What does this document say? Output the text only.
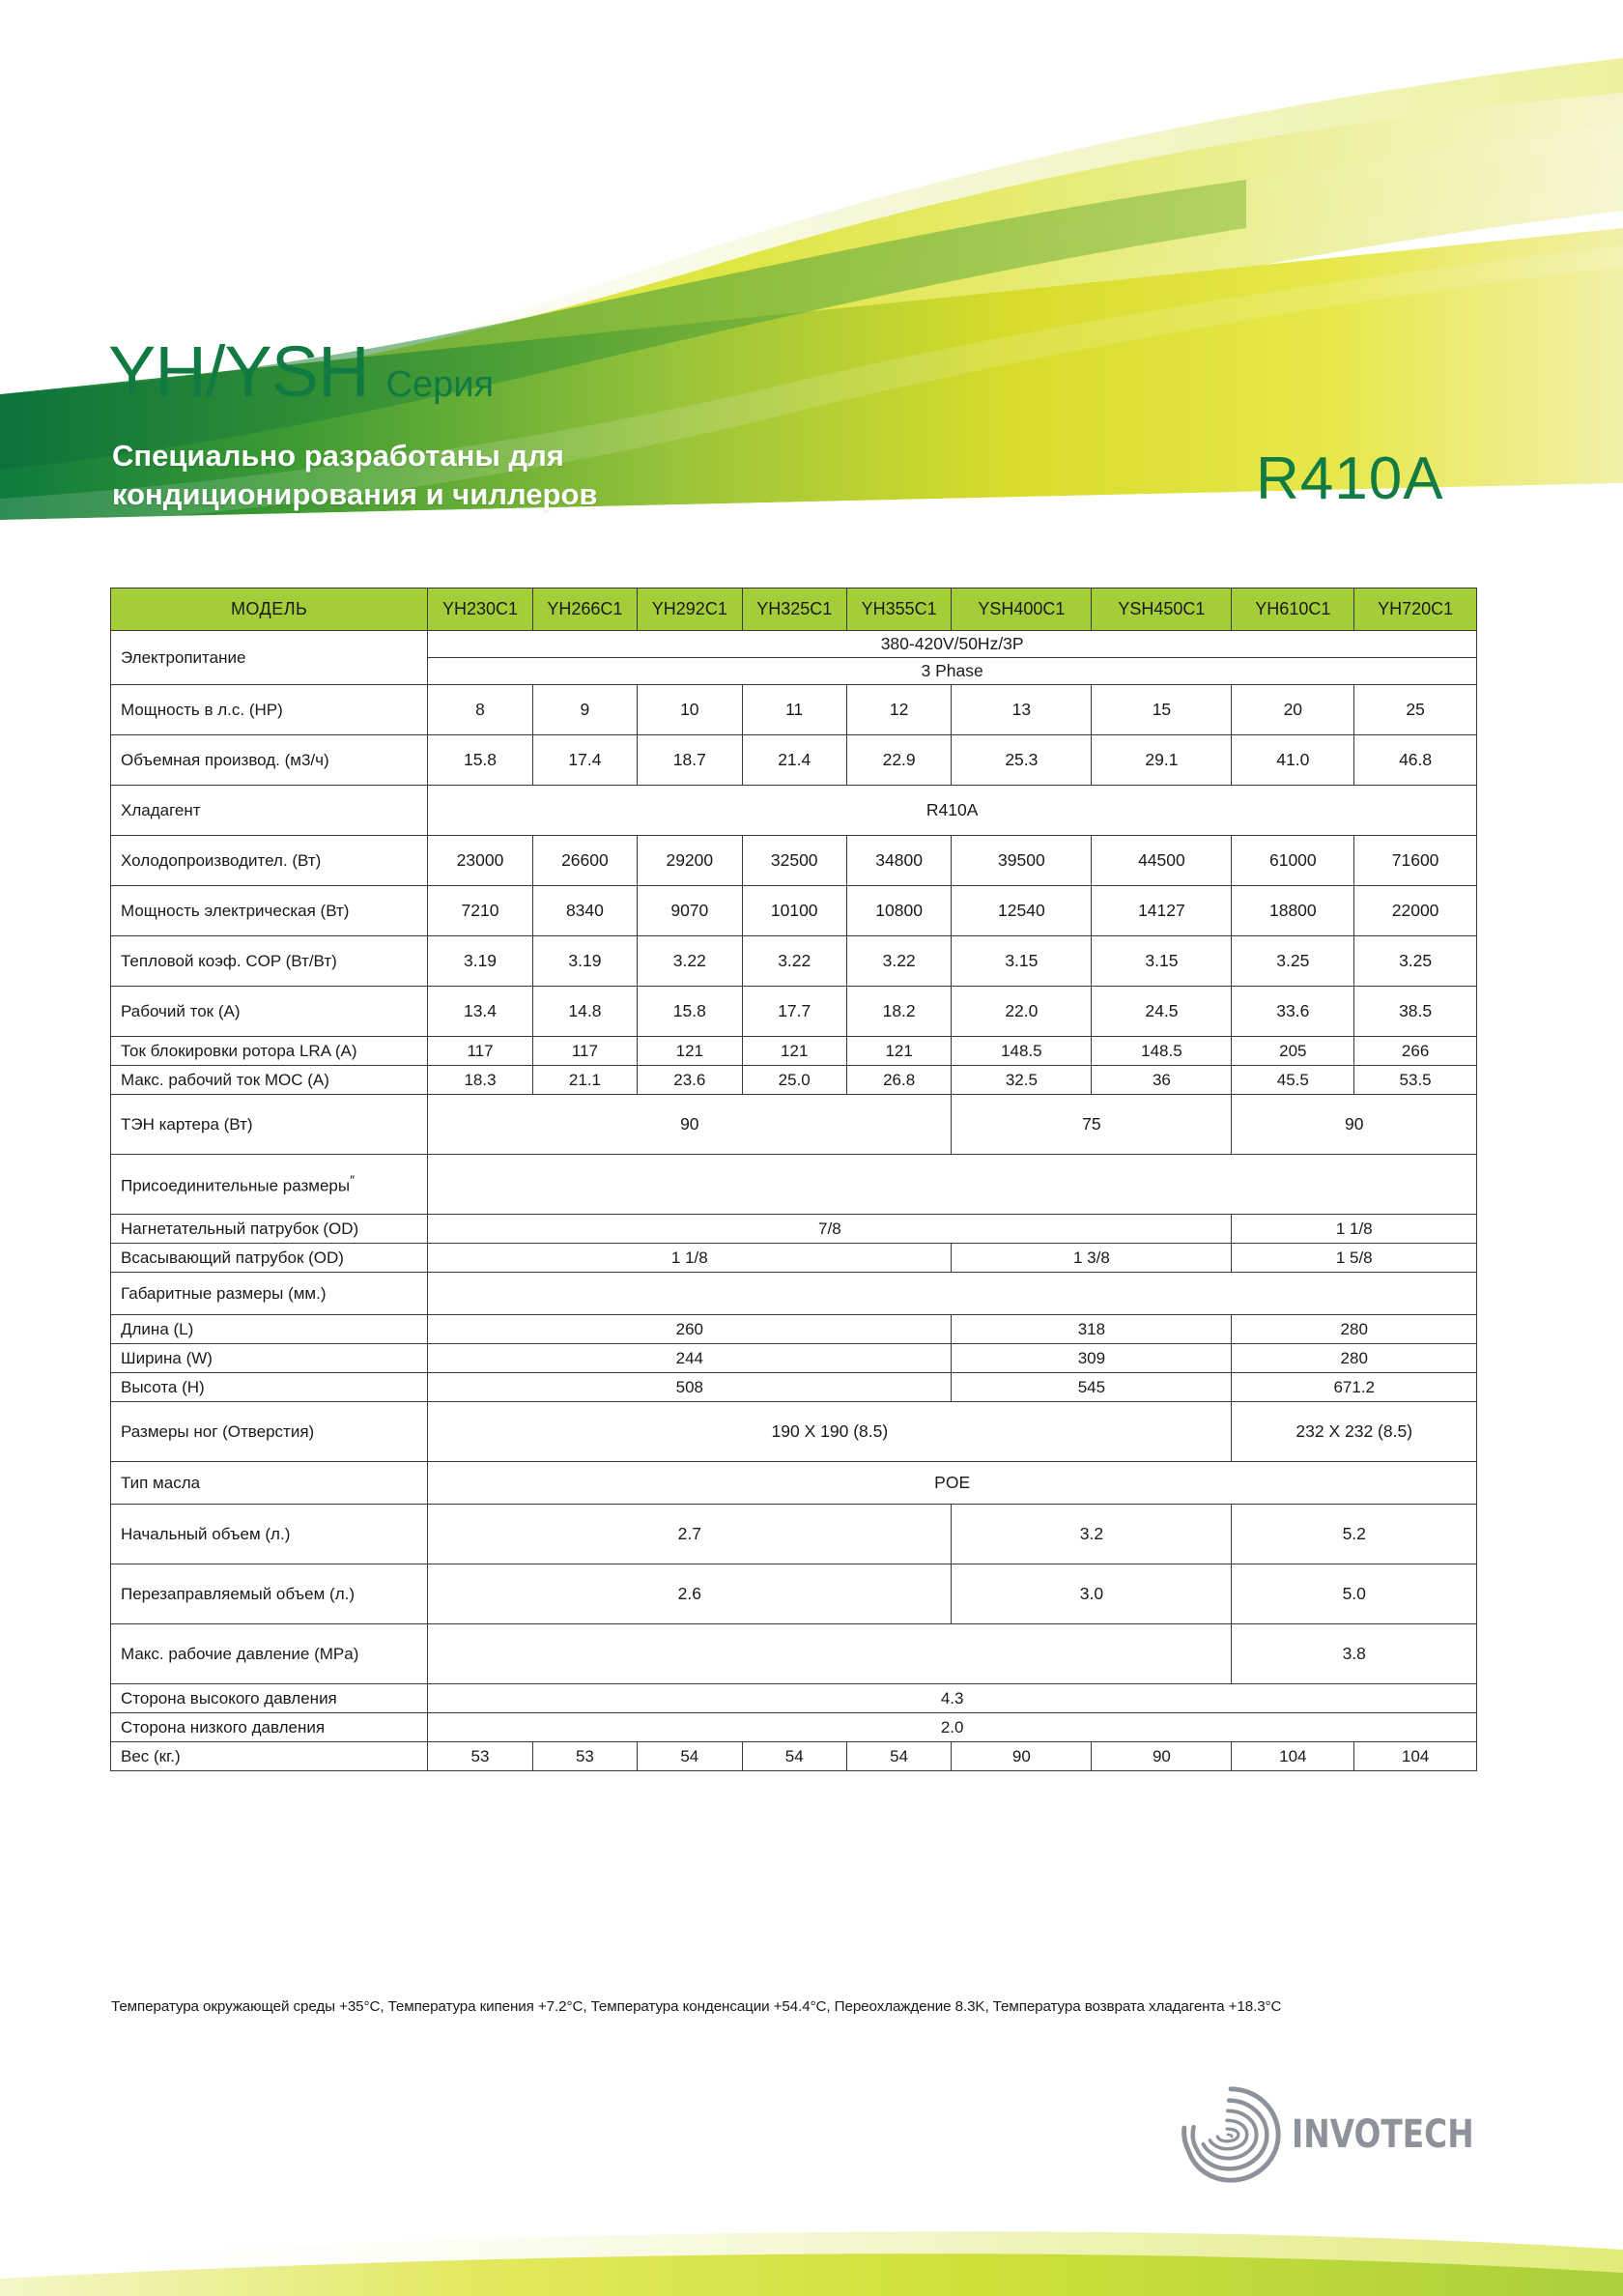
YH/YSH Серия
Специально разработаны для
кондиционирования и чиллеров	R410A
МОДЕЛЬ	YH230C1	YH266C1	YH292C1	YH325C1	YH355C1	YSH400C1	YSH450C1	YH610C1	YH720C1
Электропитание	380-420V/50Hz/3P								
	3 Phase								
Мощность в л.с. (HP)	8	9	10	11	12	13	15	20	25
Объемная производ. (м3/ч)	15.8	17.4	18.7	21.4	22.9	25.3	29.1	41.0	46.8
Хладагент	R410A								
Холодопроизводител. (Вт)	23000	26600	29200	32500	34800	39500	44500	61000	71600
Мощность электрическая (Вт)	7210	8340	9070	10100	10800	12540	14127	18800	22000
Тепловой коэф. COP (Вт/Вт)	3.19	3.19	3.22	3.22	3.22	3.15	3.15	3.25	3.25
Рабочий ток (А)	13.4	14.8	15.8	17.7	18.2	22.0	24.5	33.6	38.5
Ток блокировки ротора LRA (А)	117	117	121	121	121	148.5	148.5	205	266
Макс. рабочий ток MOC (A)	18.3	21.1	23.6	25.0	26.8	32.5	36	45.5	53.5
ТЭН картера (Вт)	90					75		90	
Присоединительные размеры″	
Нагнетательный патрубок (OD)	7/8							1 1/8	
Всасывающий патрубок (OD)	1 1/8					1 3/8		1 5/8	
Габаритные размеры (мм.)									
Длина (L)	260					318		280	
Ширина (W)	244					309		280	
Высота (H)	508					545		671.2	
Размеры ног (Отверстия)	190 X 190 (8.5)							232 X 232 (8.5)	
Тип масла	POE								
Начальный объем (л.)	2.7					3.2		5.2	
Перезаправляемый объем (л.)	2.6					3.0		5.0	
Макс. рабочие давление (MPa)								3.8	
Сторона высокого давления	4.3								
Сторона низкого давления	2.0								
Вес (кг.)	53	53	54	54	54	90	90	104	104
Температура окружающей среды +35°C, Температура кипения +7.2°C, Температура конденсации +54.4°C, Переохлаждение 8.3K, Температура возврата хладагента +18.3°C
INVOTECH
